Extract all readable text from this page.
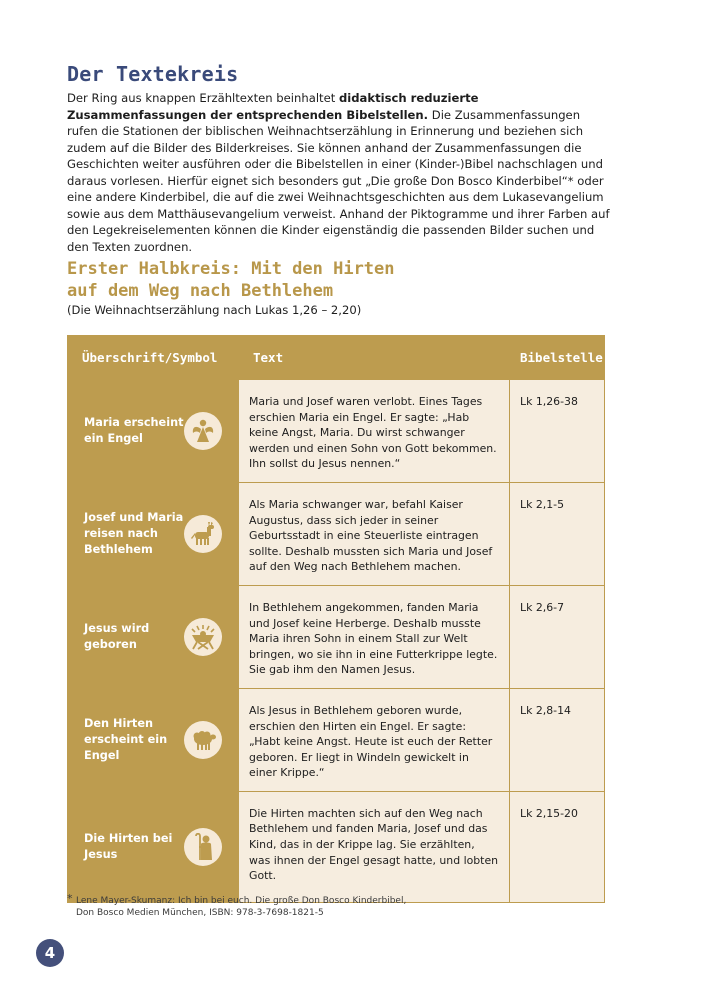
Der Textekreis

Der Ring aus knappen Erzähltexten beinhaltet didaktisch reduzierte Zusammenfassungen der entsprechenden Bibelstellen. Die Zusammenfassungen rufen die Stationen der biblischen Weihnachtserzählung in Erinnerung und beziehen sich zudem auf die Bilder des Bilderkreises. Sie können anhand der Zusammenfassungen die Geschichten weiter ausführen oder die Bibelstellen in einer (Kinder-)Bibel nachschlagen und daraus vorlesen. Hierfür eignet sich besonders gut „Die große Don Bosco Kinderbibel“* oder eine andere Kinderbibel, die auf die zwei Weihnachtsgeschichten aus dem Lukasevangelium sowie aus dem Matthäusevangelium verweist. Anhand der Piktogramme und ihrer Farben auf den Legekreiselementen können die Kinder eigenständig die passenden Bilder suchen und den Texten zuordnen.

Erster Halbkreis: Mit den Hirten
auf dem Weg nach Bethlehem

(Die Weihnachtserzählung nach Lukas 1,26 – 2,20)

Überschrift/Symbol	Text	Bibelstelle

Maria erscheint ein Engel	Maria und Josef waren verlobt. Eines Tages erschien Maria ein Engel. Er sagte: „Hab keine Angst, Maria. Du wirst schwanger werden und einen Sohn von Gott bekommen. Ihn sollst du Jesus nennen.“	Lk 1,26-38

Josef und Maria reisen nach Bethlehem	Als Maria schwanger war, befahl Kaiser Augustus, dass sich jeder in seiner Geburtsstadt in eine Steuerliste eintragen sollte. Deshalb mussten sich Maria und Josef auf den Weg nach Bethlehem machen.	Lk 2,1-5

Jesus wird geboren	In Bethlehem angekommen, fanden Maria und Josef keine Herberge. Deshalb musste Maria ihren Sohn in einem Stall zur Welt bringen, wo sie ihn in eine Futterkrippe legte. Sie gab ihm den Namen Jesus.	Lk 2,6-7

Den Hirten erscheint ein Engel	Als Jesus in Bethlehem geboren wurde, erschien den Hirten ein Engel. Er sagte: „Habt keine Angst. Heute ist euch der Retter geboren. Er liegt in Windeln gewickelt in einer Krippe.“	Lk 2,8-14

Die Hirten bei Jesus	Die Hirten machten sich auf den Weg nach Bethlehem und fanden Maria, Josef und das Kind, das in der Krippe lag. Sie erzählten, was ihnen der Engel gesagt hatte, und lobten Gott.	Lk 2,15-20
* Lene Mayer-Skumanz: Ich bin bei euch. Die große Don Bosco Kinderbibel,
Don Bosco Medien München, ISBN: 978-3-7698-1821-5
4
